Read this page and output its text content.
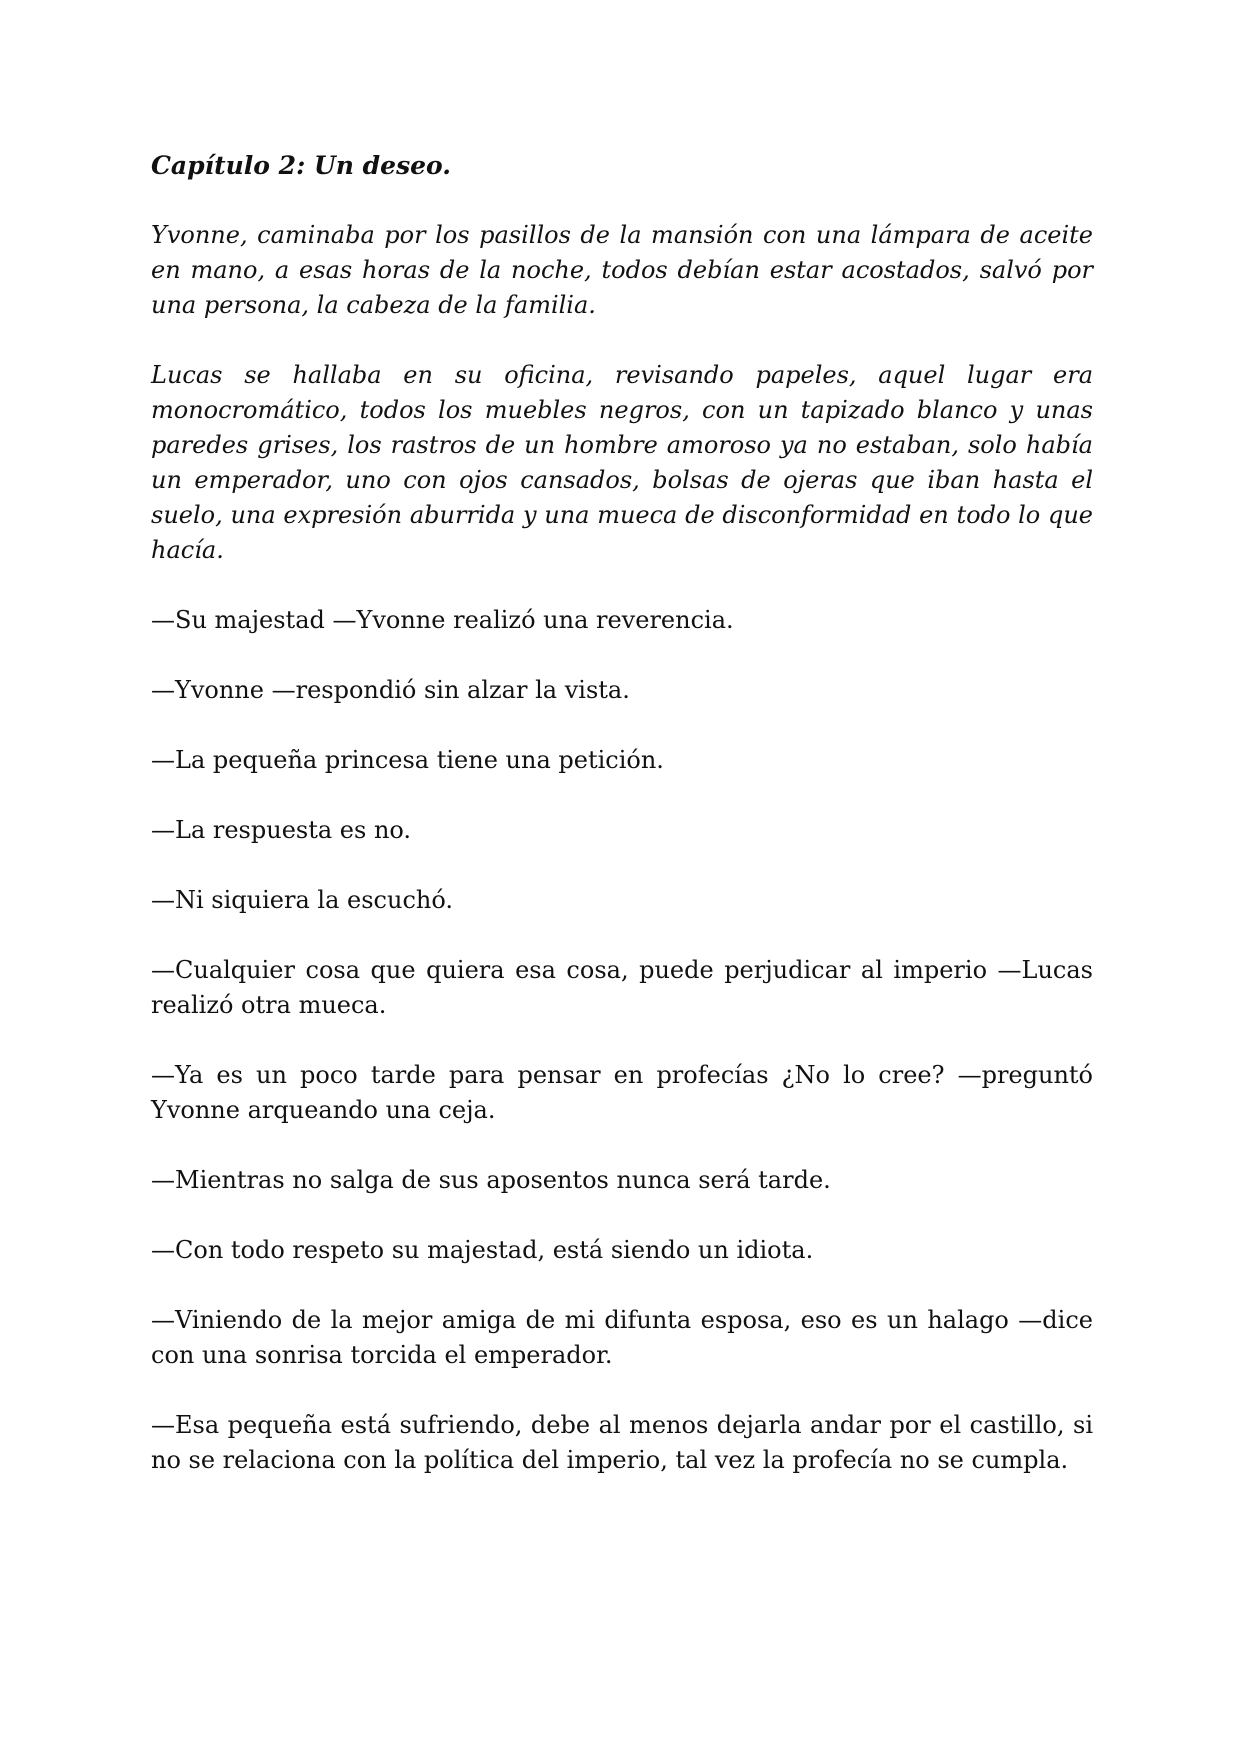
Capítulo 2: Un deseo.

Yvonne, caminaba por los pasillos de la mansión con una lámpara de aceite en mano, a esas horas de la noche, todos debían estar acostados, salvó por una persona, la cabeza de la familia.

Lucas se hallaba en su oficina, revisando papeles, aquel lugar era monocromático, todos los muebles negros, con un tapizado blanco y unas paredes grises, los rastros de un hombre amoroso ya no estaban, solo había un emperador, uno con ojos cansados, bolsas de ojeras que iban hasta el suelo, una expresión aburrida y una mueca de disconformidad en todo lo que hacía.

—Su majestad —Yvonne realizó una reverencia.

—Yvonne —respondió sin alzar la vista.

—La pequeña princesa tiene una petición.

—La respuesta es no.

—Ni siquiera la escuchó.

—Cualquier cosa que quiera esa cosa, puede perjudicar al imperio —Lucas realizó otra mueca.

—Ya es un poco tarde para pensar en profecías ¿No lo cree? —preguntó Yvonne arqueando una ceja.

—Mientras no salga de sus aposentos nunca será tarde.

—Con todo respeto su majestad, está siendo un idiota.

—Viniendo de la mejor amiga de mi difunta esposa, eso es un halago —dice con una sonrisa torcida el emperador.

—Esa pequeña está sufriendo, debe al menos dejarla andar por el castillo, si no se relaciona con la política del imperio, tal vez la profecía no se cumpla.
